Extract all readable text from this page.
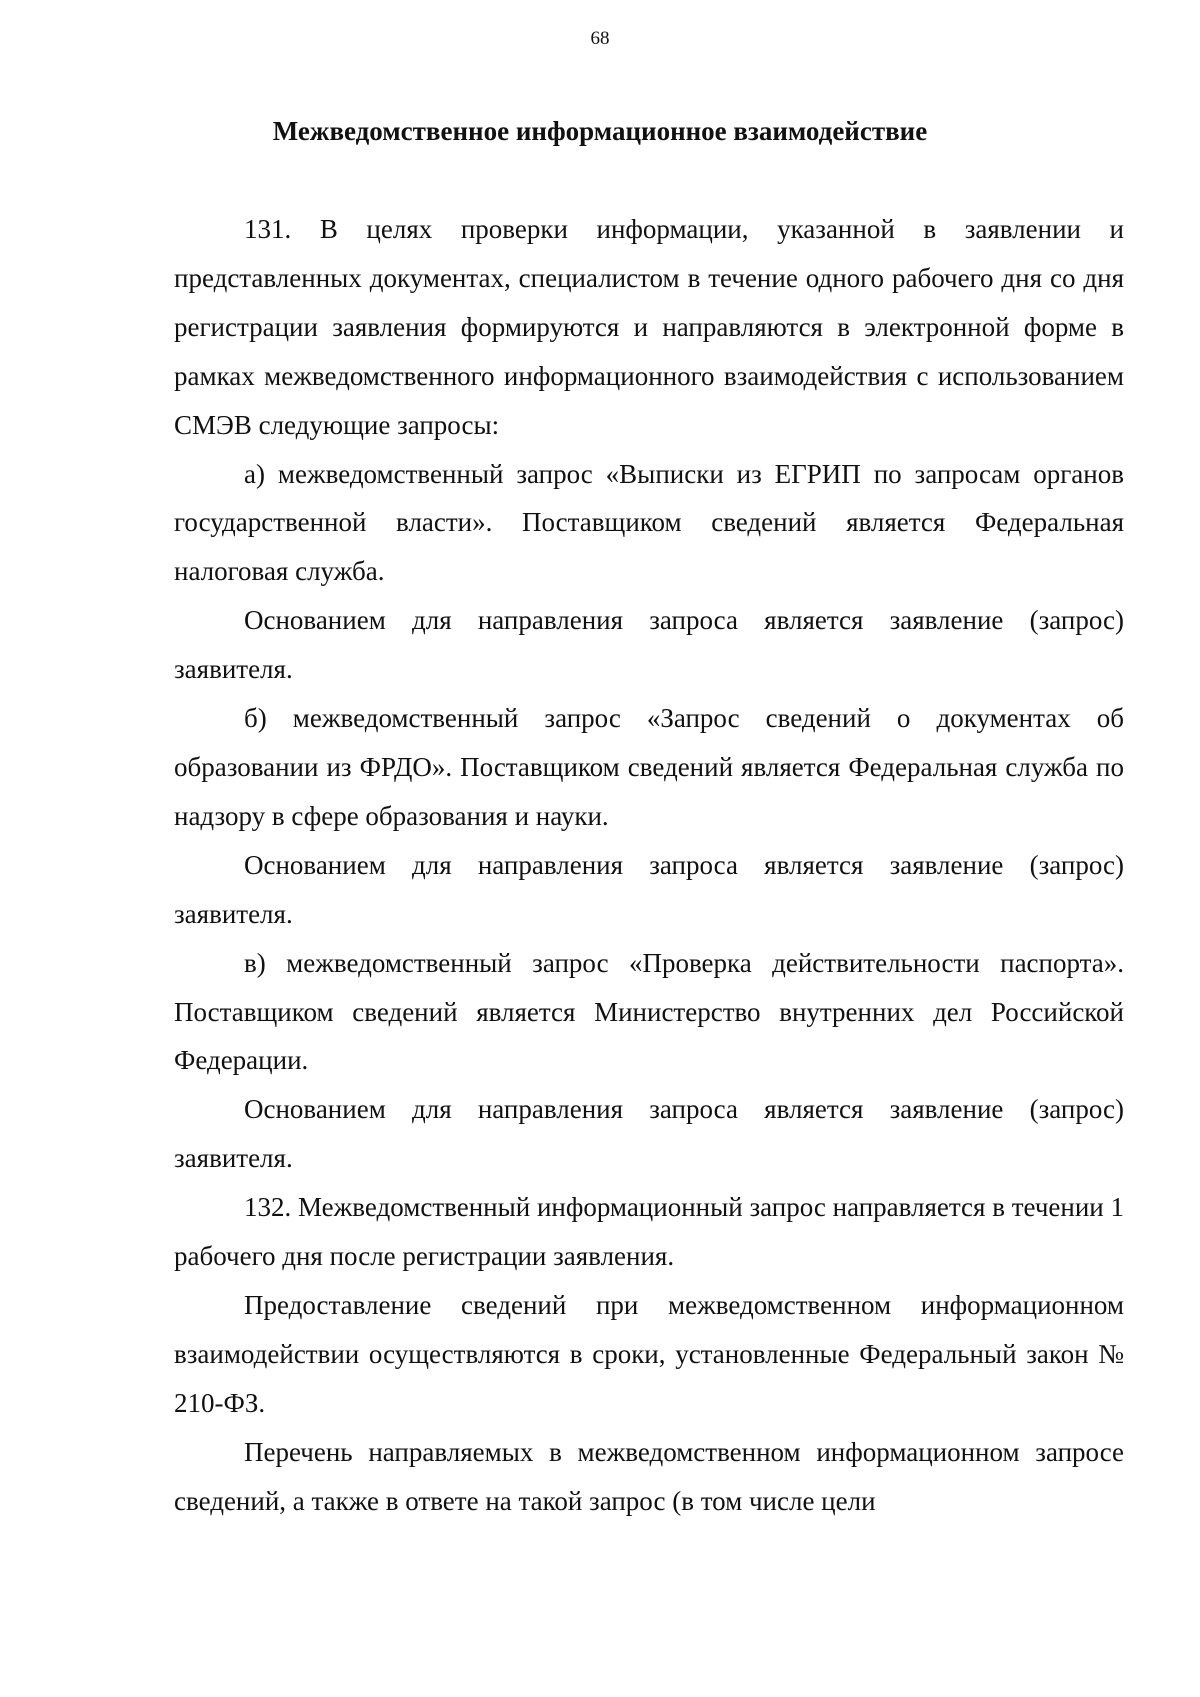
68
Межведомственное информационное взаимодействие

131. В целях проверки информации, указанной в заявлении и представленных документах, специалистом в течение одного рабочего дня со дня регистрации заявления формируются и направляются в электронной форме в рамках межведомственного информационного взаимодействия с использованием СМЭВ следующие запросы:

а) межведомственный запрос «Выписки из ЕГРИП по запросам органов государственной власти». Поставщиком сведений является Федеральная налоговая служба.

Основанием для направления запроса является заявление (запрос) заявителя.

б) межведомственный запрос «Запрос сведений о документах об образовании из ФРДО». Поставщиком сведений является Федеральная служба по надзору в сфере образования и науки.

Основанием для направления запроса является заявление (запрос) заявителя.

в) межведомственный запрос «Проверка действительности паспорта». Поставщиком сведений является Министерство внутренних дел Российской Федерации.

Основанием для направления запроса является заявление (запрос) заявителя.

132. Межведомственный информационный запрос направляется в течении 1 рабочего дня после регистрации заявления.

Предоставление сведений при межведомственном информационном взаимодействии осуществляются в сроки, установленные Федеральный закон № 210-ФЗ.

Перечень направляемых в межведомственном информационном запросе сведений, а также в ответе на такой запрос (в том числе цели
